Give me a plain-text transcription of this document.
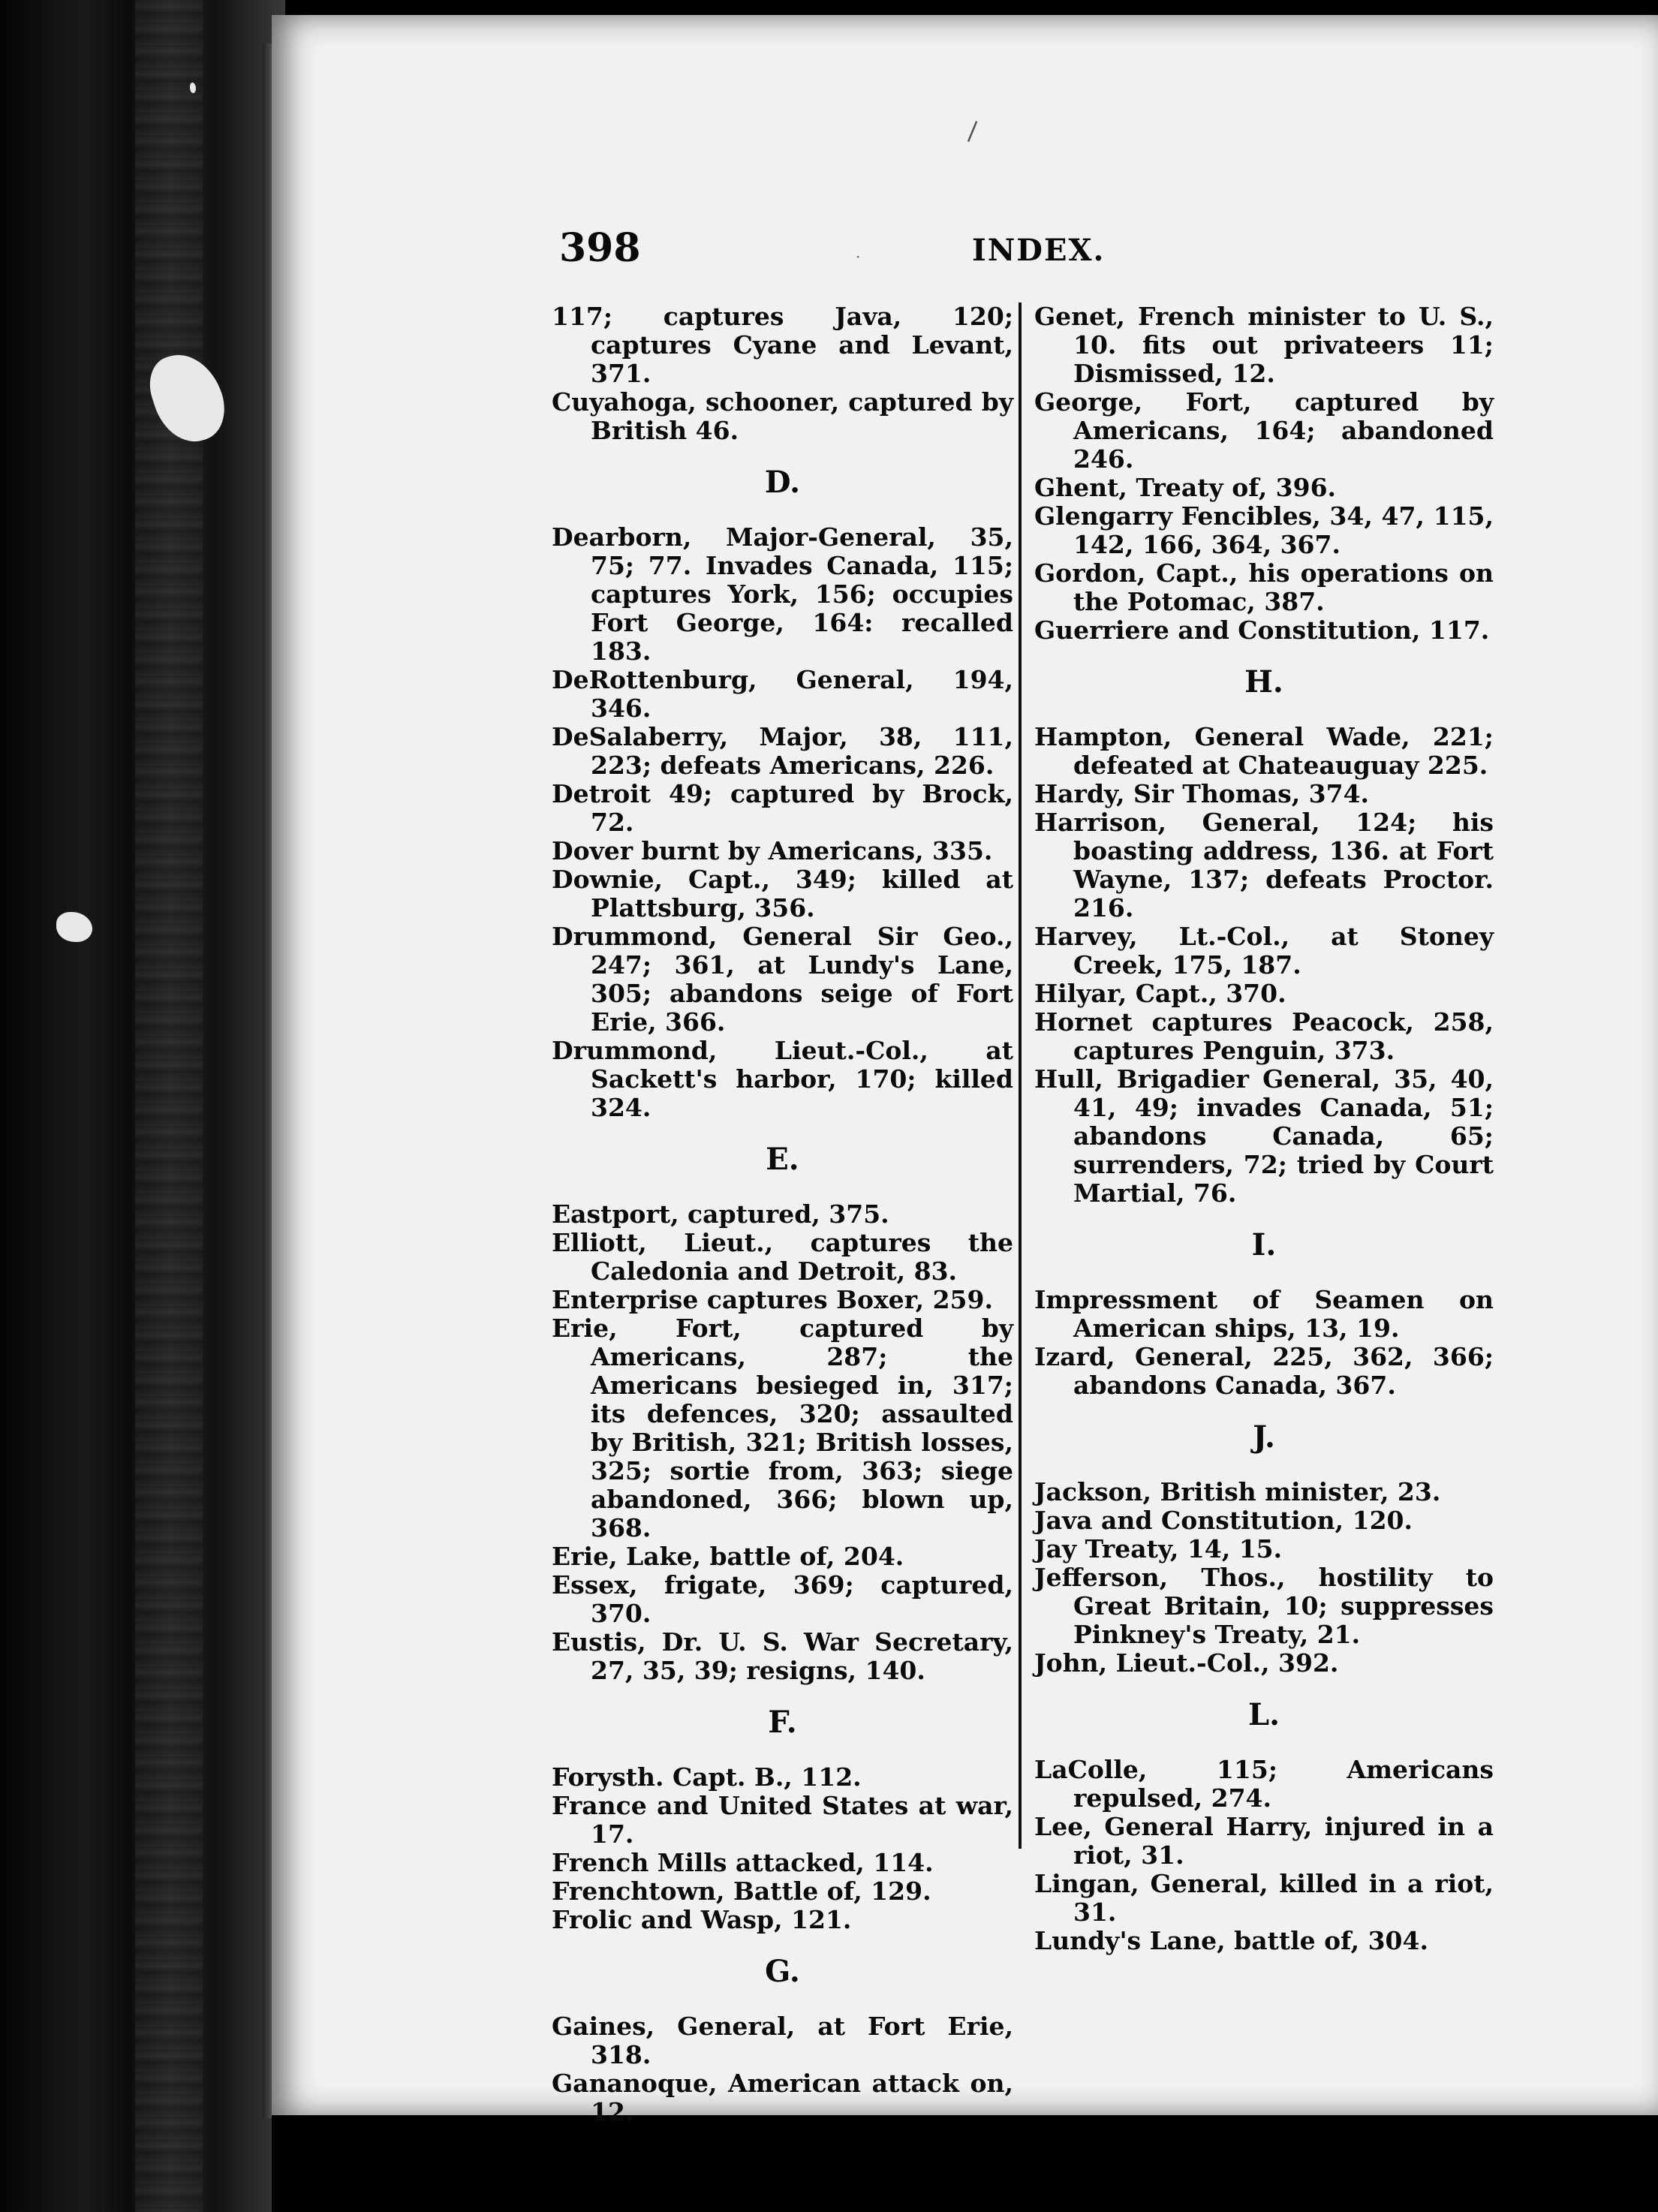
\
·
398	INDEX.

117; captures Java, 120; captures Cyane and Levant, 371.

Cuyahoga, schooner, captured by British 46.

D.

Dearborn, Major-General, 35, 75; 77. Invades Canada, 115; captures York, 156; occupies Fort George, 164: recalled 183.

DeRottenburg, General, 194, 346.

DeSalaberry, Major, 38, 111, 223; defeats Americans, 226.

Detroit 49; captured by Brock, 72.

Dover burnt by Americans, 335.

Downie, Capt., 349; killed at Plattsburg, 356.

Drummond, General Sir Geo., 247; 361, at Lundy's Lane, 305; abandons seige of Fort Erie, 366.

Drummond, Lieut.-Col., at Sackett's harbor, 170; killed 324.

E.

Eastport, captured, 375.

Elliott, Lieut., captures the Caledonia and Detroit, 83.

Enterprise captures Boxer, 259.

Erie, Fort, captured by Americans, 287; the Americans besieged in, 317; its defences, 320; assaulted by British, 321; British losses, 325; sortie from, 363; siege abandoned, 366; blown up, 368.

Erie, Lake, battle of, 204.

Essex, frigate, 369; captured, 370.

Eustis, Dr. U. S. War Secretary, 27, 35, 39; resigns, 140.

F.

Forysth. Capt. B., 112.

France and United States at war, 17.

French Mills attacked, 114.

Frenchtown, Battle of, 129.

Frolic and Wasp, 121.

G.

Gaines, General, at Fort Erie, 318.

Gananoque, American attack on, 12.

Genet, French minister to U. S., 10. fits out privateers 11; Dismissed, 12.

George, Fort, captured by Americans, 164; abandoned 246.

Ghent, Treaty of, 396.

Glengarry Fencibles, 34, 47, 115, 142, 166, 364, 367.

Gordon, Capt., his operations on the Potomac, 387.

Guerriere and Constitution, 117.

H.

Hampton, General Wade, 221; defeated at Chateauguay 225.

Hardy, Sir Thomas, 374.

Harrison, General, 124; his boasting address, 136. at Fort Wayne, 137; defeats Proctor. 216.

Harvey, Lt.-Col., at Stoney Creek, 175, 187.

Hilyar, Capt., 370.

Hornet captures Peacock, 258, captures Penguin, 373.

Hull, Brigadier General, 35, 40, 41, 49; invades Canada, 51; abandons Canada, 65; surrenders, 72; tried by Court Martial, 76.

I.

Impressment of Seamen on American ships, 13, 19.

Izard, General, 225, 362, 366; abandons Canada, 367.

J.

Jackson, British minister, 23.

Java and Constitution, 120.

Jay Treaty, 14, 15.

Jefferson, Thos., hostility to Great Britain, 10; suppresses Pinkney's Treaty, 21.

John, Lieut.-Col., 392.

L.

LaColle, 115; Americans repulsed, 274.

Lee, General Harry, injured in a riot, 31.

Lingan, General, killed in a riot, 31.

Lundy's Lane, battle of, 304.
